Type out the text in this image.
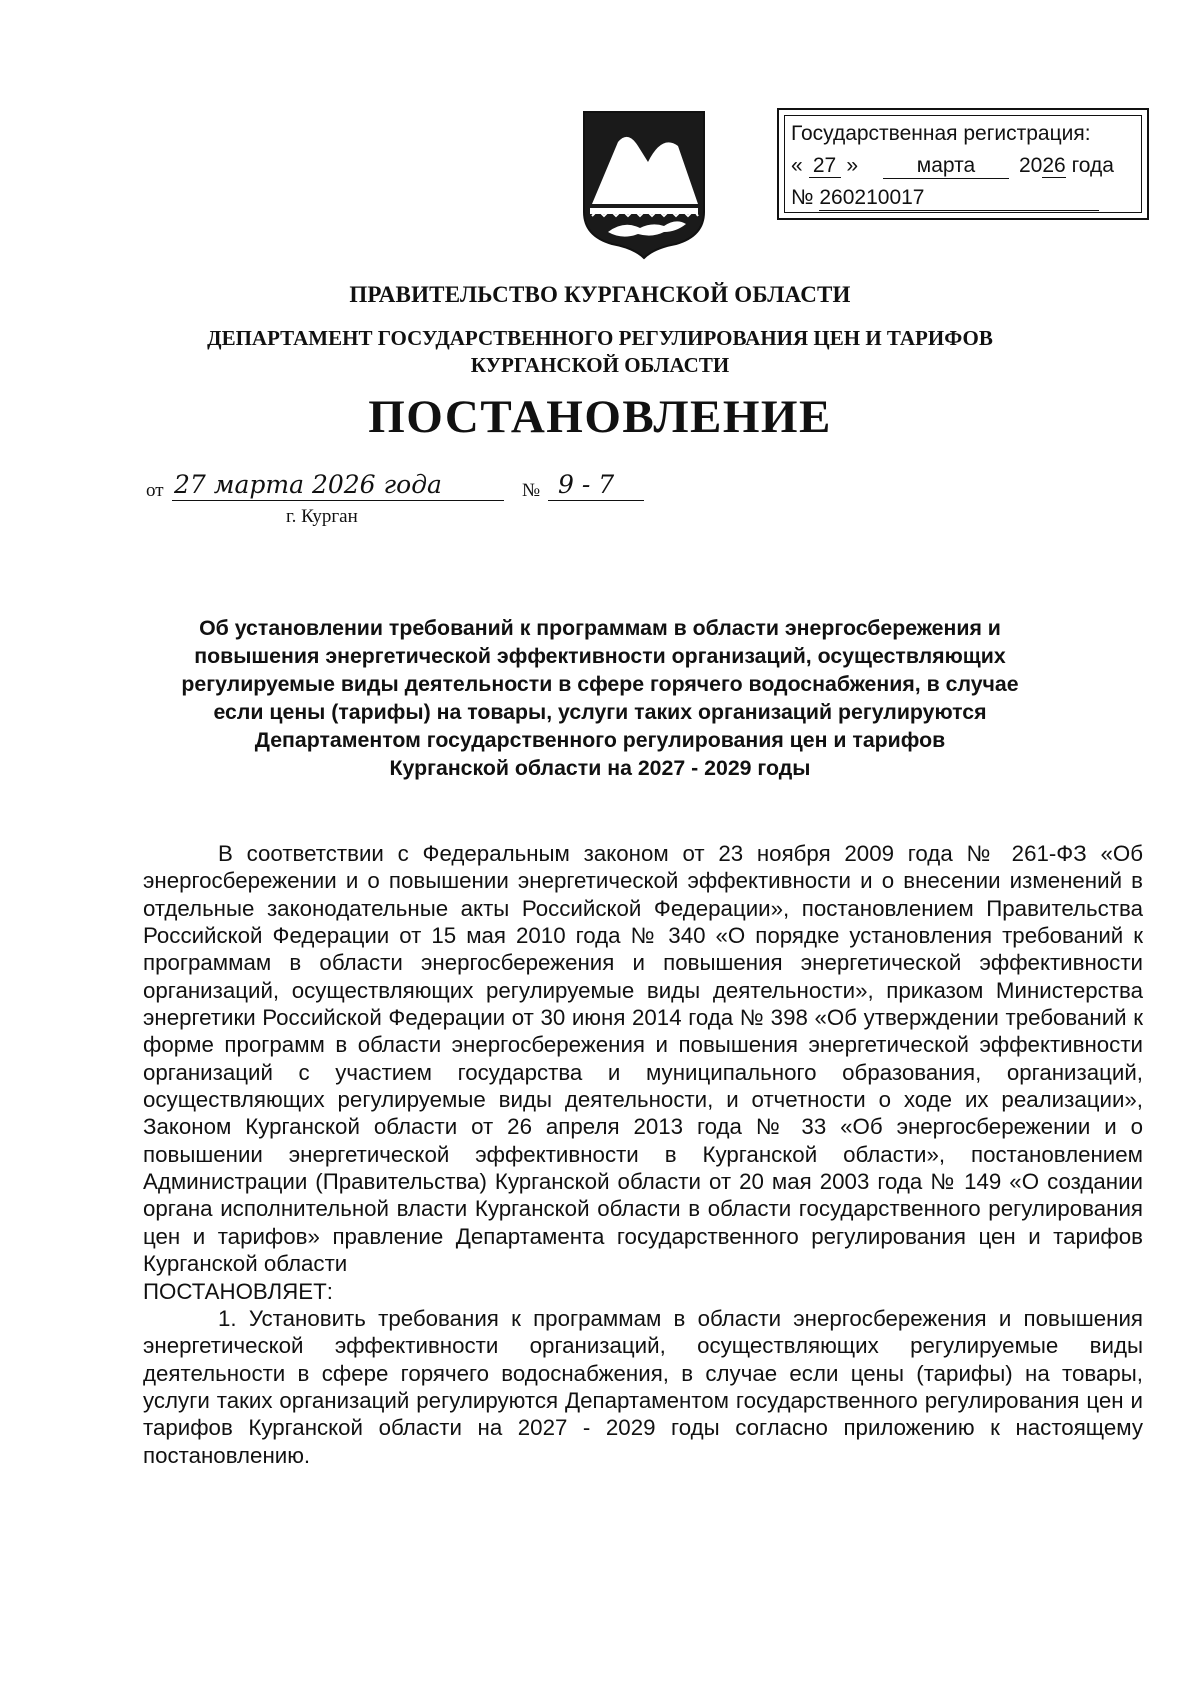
Государственная регистрация:
« 27 »	марта	2026 года
№ 260210017
ПРАВИТЕЛЬСТВО КУРГАНСКОЙ ОБЛАСТИ
ДЕПАРТАМЕНТ ГОСУДАРСТВЕННОГО РЕГУЛИРОВАНИЯ ЦЕН И ТАРИФОВ
КУРГАНСКОЙ ОБЛАСТИ
ПОСТАНОВЛЕНИЕ
от 27 марта 2026 года	№ 9 - 7
г. Курган
Об установлении требований к программам в области энергосбережения и
повышения энергетической эффективности организаций, осуществляющих
регулируемые виды деятельности в сфере горячего водоснабжения, в случае
если цены (тарифы) на товары, услуги таких организаций регулируются
Департаментом государственного регулирования цен и тарифов
Курганской области на 2027 - 2029 годы

В соответствии с Федеральным законом от 23 ноября 2009 года № 261-ФЗ «Об энергосбережении и о повышении энергетической эффективности и о внесении изменений в отдельные законодательные акты Российской Федерации», постановлением Правительства Российской Федерации от 15 мая 2010 года № 340 «О порядке установления требований к программам в области энергосбережения и повышения энергетической эффективности организаций, осуществляющих регулируемые виды деятельности», приказом Министерства энергетики Российской Федерации от 30 июня 2014 года № 398 «Об утверждении требований к форме программ в области энергосбережения и повышения энергетической эффективности организаций с участием государства и муниципального образования, организаций, осуществляющих регулируемые виды деятельности, и отчетности о ходе их реализации», Законом Курганской области от 26 апреля 2013 года № 33 «Об энергосбережении и о повышении энергетической эффективности в Курганской области», постановлением Администрации (Правительства) Курганской области от 20 мая 2003 года № 149 «О создании органа исполнительной власти Курганской области в области государственного регулирования цен и тарифов» правление Департамента государственного регулирования цен и тарифов Курганской области

ПОСТАНОВЛЯЕТ:

1. Установить требования к программам в области энергосбережения и повышения энергетической эффективности организаций, осуществляющих регулируемые виды деятельности в сфере горячего водоснабжения, в случае если цены (тарифы) на товары, услуги таких организаций регулируются Департаментом государственного регулирования цен и тарифов Курганской области на 2027 - 2029 годы согласно приложению к настоящему постановлению.
